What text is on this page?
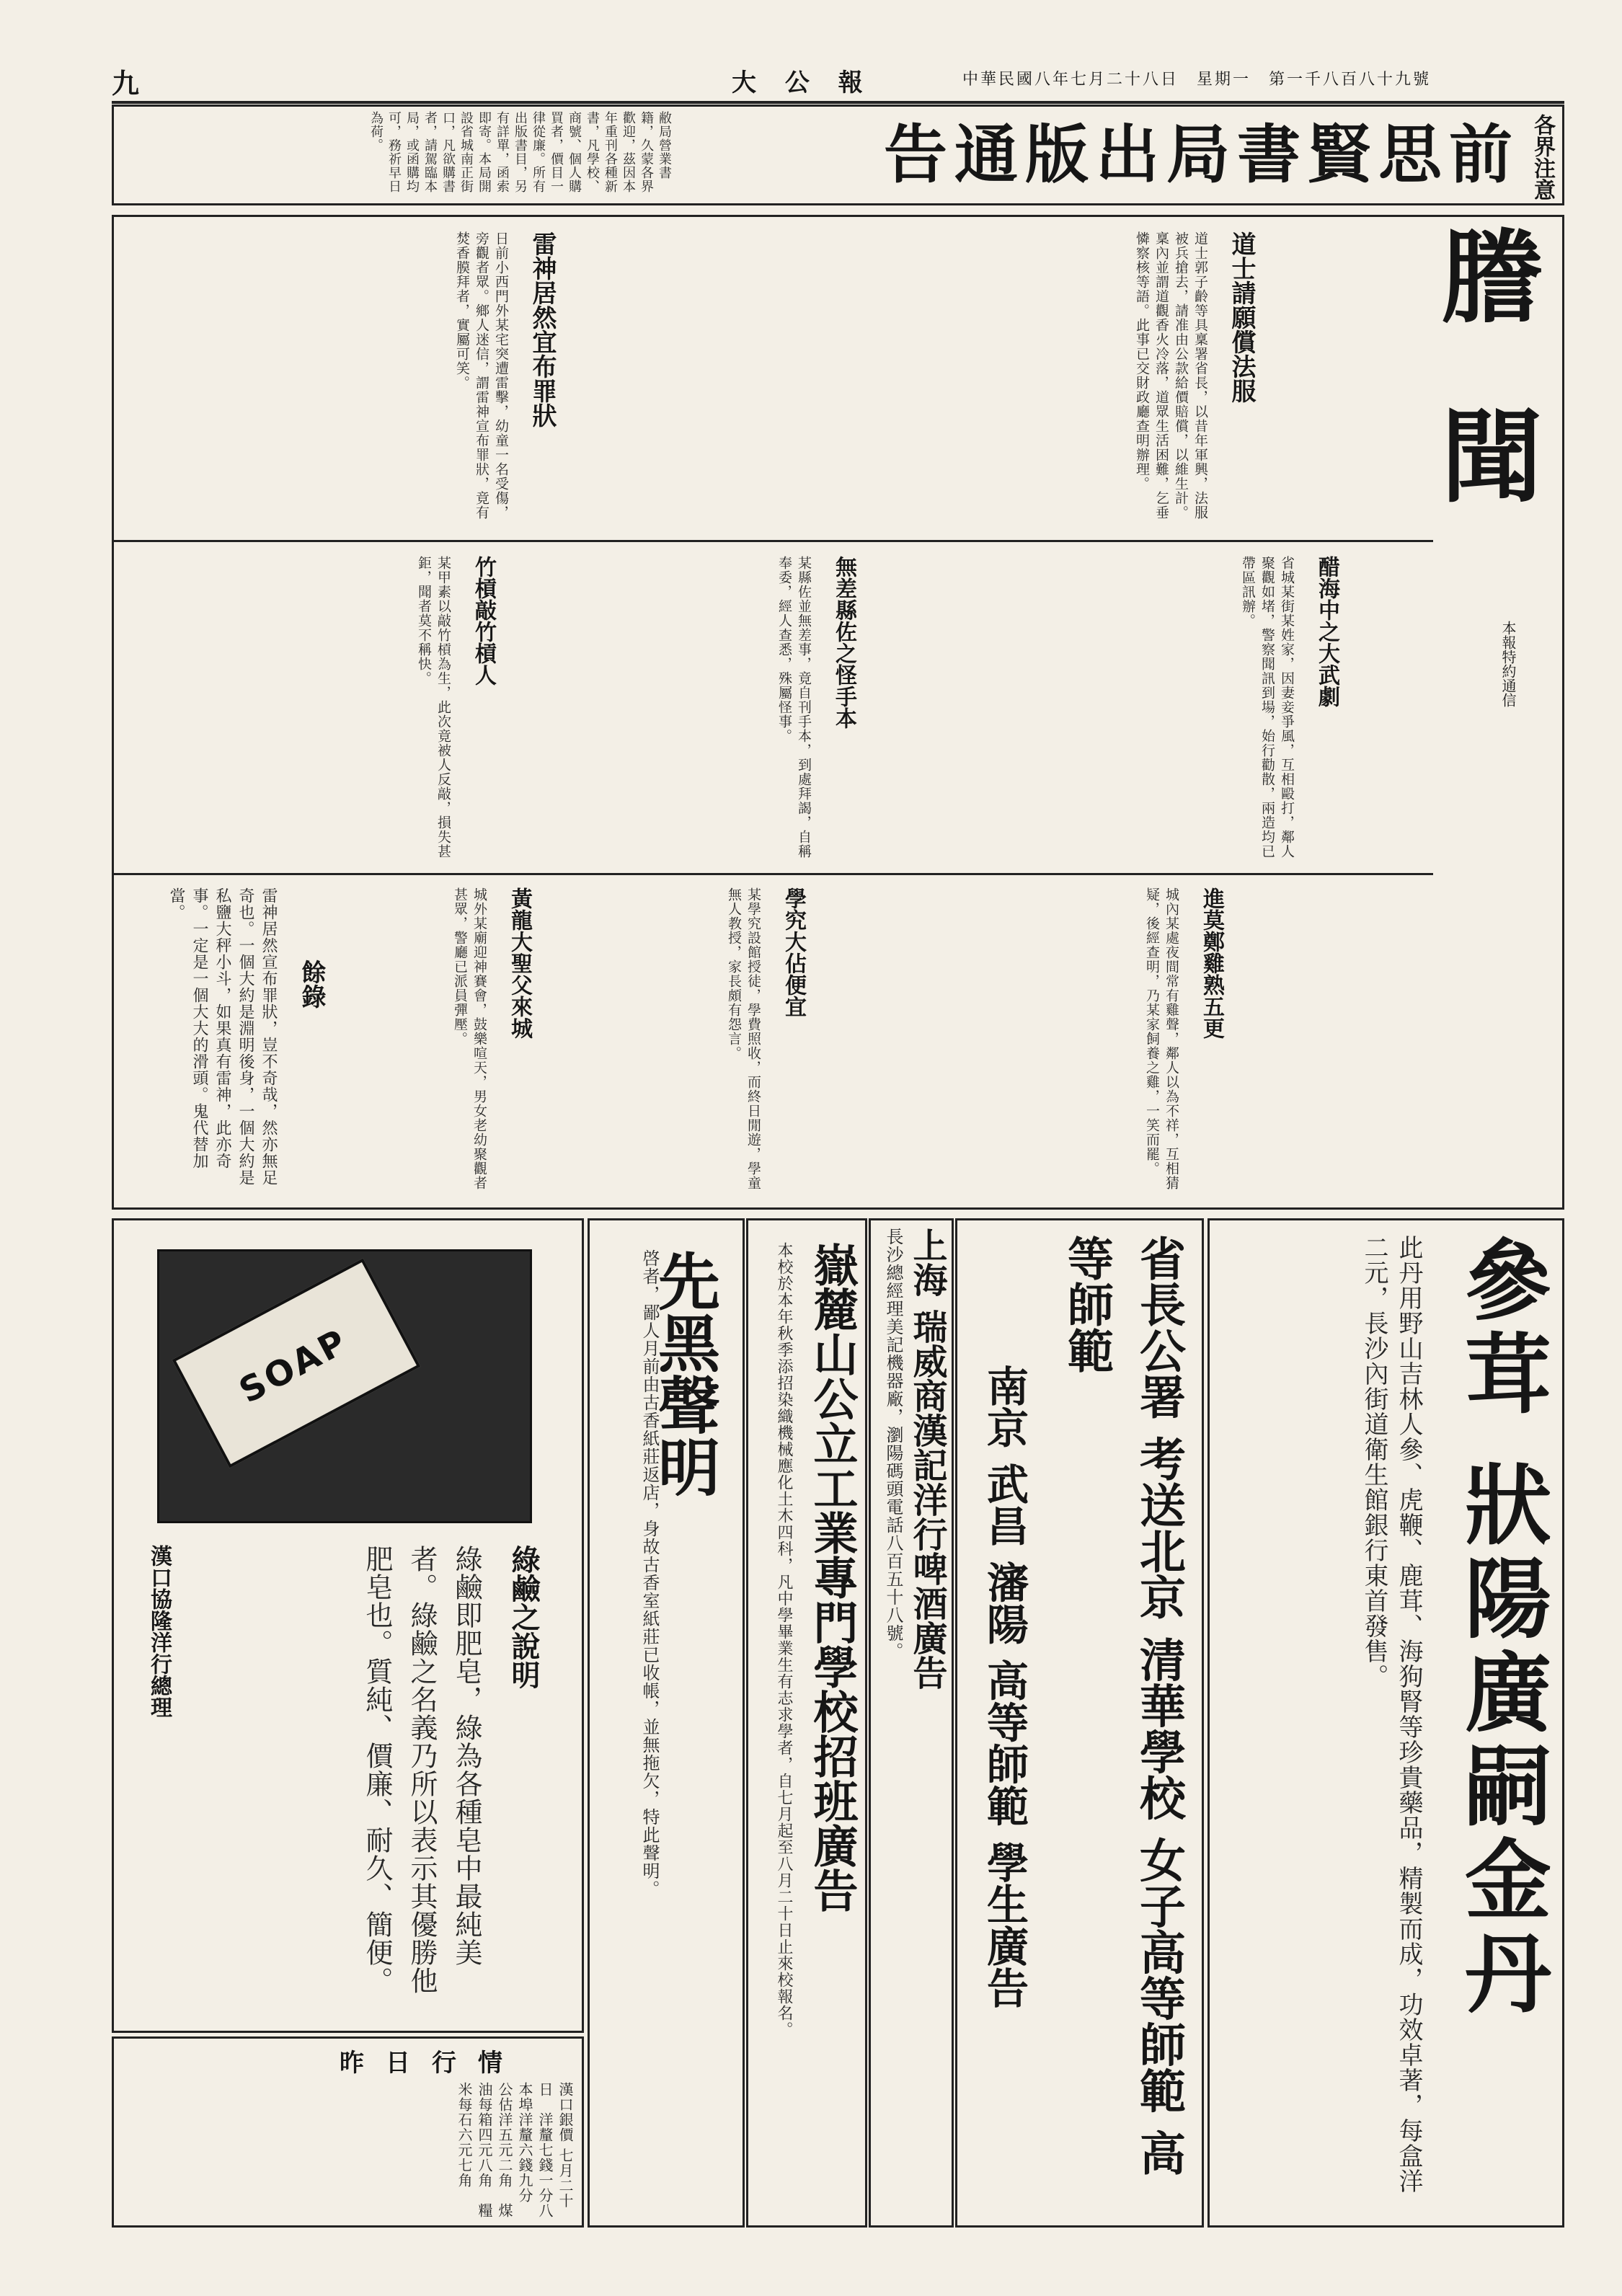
九	大 公 報	中華民國八年七月二十八日　星期一　第一千八百八十九號
敝局營業書籍，久蒙各界歡迎，茲因本年重刊各種新書，凡學校、商號、個人購買者，價目一律從廉。所有出版書目，另有詳單，函索即寄。本局開設省城南正街口，凡欲購書者，請駕臨本局，或函購均可，務祈早日為荷。	前思賢書局出版通告 各界注意
謄 聞
本報特約通信
道士請願償法服
道士郭子齡等具稟署省長，以昔年軍興，法服被兵搶去，請准由公款給價賠償，以維生計。稟內並謂道觀香火冷落，道眾生活困難，乞垂憐察核等語。此事已交財政廳查明辦理。
雷神居然宜布罪狀
日前小西門外某宅突遭雷擊，幼童一名受傷，旁觀者眾。鄉人迷信，謂雷神宣布罪狀，竟有焚香膜拜者，實屬可笑。
醋海中之大武劇
省城某街某姓家，因妻妾爭風，互相毆打，鄰人聚觀如堵，警察聞訊到場，始行勸散，兩造均已帶區訊辦。
無差縣佐之怪手本
某縣佐並無差事，竟自刊手本，到處拜謁，自稱奉委，經人查悉，殊屬怪事。
竹槓敲竹槓人
某甲素以敲竹槓為生，此次竟被人反敲，損失甚鉅，聞者莫不稱快。
進莫鄭雞熟五更
城內某處夜間常有雞聲，鄰人以為不祥，互相猜疑，後經查明，乃某家飼養之雞，一笑而罷。
學究大佔便宜
某學究設館授徒，學費照收，而終日閒遊，學童無人教授，家長頗有怨言。
黃龍大聖父來城
城外某廟迎神賽會，鼓樂喧天，男女老幼聚觀者甚眾，警廳已派員彈壓。
餘錄
雷神居然宣布罪狀，豈不奇哉，然亦無足奇也。一個大約是淵明後身，一個大約是私鹽大秤小斗，如果真有雷神，此亦奇事。一定是一個大大的滑頭。鬼代替加當。
參茸 狀陽廣嗣金丹
此丹用野山吉林人參、虎鞭、鹿茸、海狗腎等珍貴藥品，精製而成，功效卓著，每盒洋二元，長沙內街道衛生館銀行東首發售。
省長公署 考送北京 清華學校 女子高等師範 高等師範
南京 武昌 瀋陽 高等師範 學生廣告
上海 瑞威商漢記洋行啤酒廣告
長沙總經理美記機器廠，瀏陽碼頭電話八百五十八號。
嶽麓山公立工業專門學校招班廣告
本校於本年秋季添招染織機械應化土木四科，凡中學畢業生有志求學者，自七月起至八月二十日止來校報名。
先黑聲明
啓者，鄙人月前由古香紙莊返店，身故古香室紙莊已收帳，並無拖欠，特此聲明。
SOAP
綠鹼之說明
綠鹼即肥皂，綠為各種皂中最純美者。綠鹼之名義乃所以表示其優勝他肥皂也。質純、價廉、耐久、簡便。
漢口協隆洋行總理
昨日行情
漢口銀價 七月二十日　洋釐七錢一分八　本埠洋釐六錢九分　公估洋五元二角　煤油每箱四元八角　糧米每石六元七角
